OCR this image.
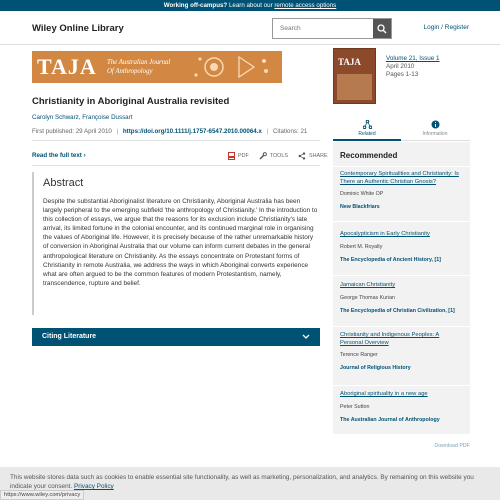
Working off-campus? Learn about our remote access options
Wiley Online Library
Search	Login / Register
TAJA The Australian Journal
Of Anthropology
TAJA	Volume 21, Issue 1
April 2010
Pages 1-13
Christianity in Aboriginal Australia revisited
Carolyn Schwarz, Françoise Dussart
First published: 29 April 2010 | https://doi.org/10.1111/j.1757-6547.2010.00064.x | Citations: 21
Read the full text ›	PDF	TOOLS	SHARE
Abstract

Despite the substantial Aboriginalist literature on Christianity, Aboriginal Australia has been largely peripheral to the emerging subfield 'the anthropology of Christianity.' In the introduction to this collection of essays, we argue that the reasons for its exclusion include Christianity's late arrival, its limited fortune in the colonial encounter, and its continued marginal role in organising the values of Aboriginal life. However, it is precisely because of the rather unremarkable history of conversion in Aboriginal Australia that our volume can inform current debates in the general anthropological literature on Christianity. As the essays concentrate on Protestant forms of Christianity in remote Australia, we address the ways in which Aboriginal converts experience what are often argued to be the common features of modern Protestantism, namely, transcendence, rupture and belief.

Citing Literature
Related	Information
Recommended
Contemporary Spiritualities and Christianity: Is There an Authentic Christian Gnosis?
Dominic White OP
New Blackfriars
Apocalypticism in Early Christianity
Robert M. Royalty
The Encyclopedia of Ancient History, [1]
Jamaican Christianity
George Thomas Kurian
The Encyclopedia of Christian Civilization, [1]
Christianity and Indigenous Peoples: A Personal Overview
Terence Ranger
Journal of Religious History
Aboriginal spirituality in a new age
Peter Sutton
The Australian Journal of Anthropology
Download PDF
This website stores data such as cookies to enable essential site functionality, as well as marketing, personalization, and analytics. By remaining on this website you indicate your consent. Privacy Policy
https://www.wiley.com/privacy
